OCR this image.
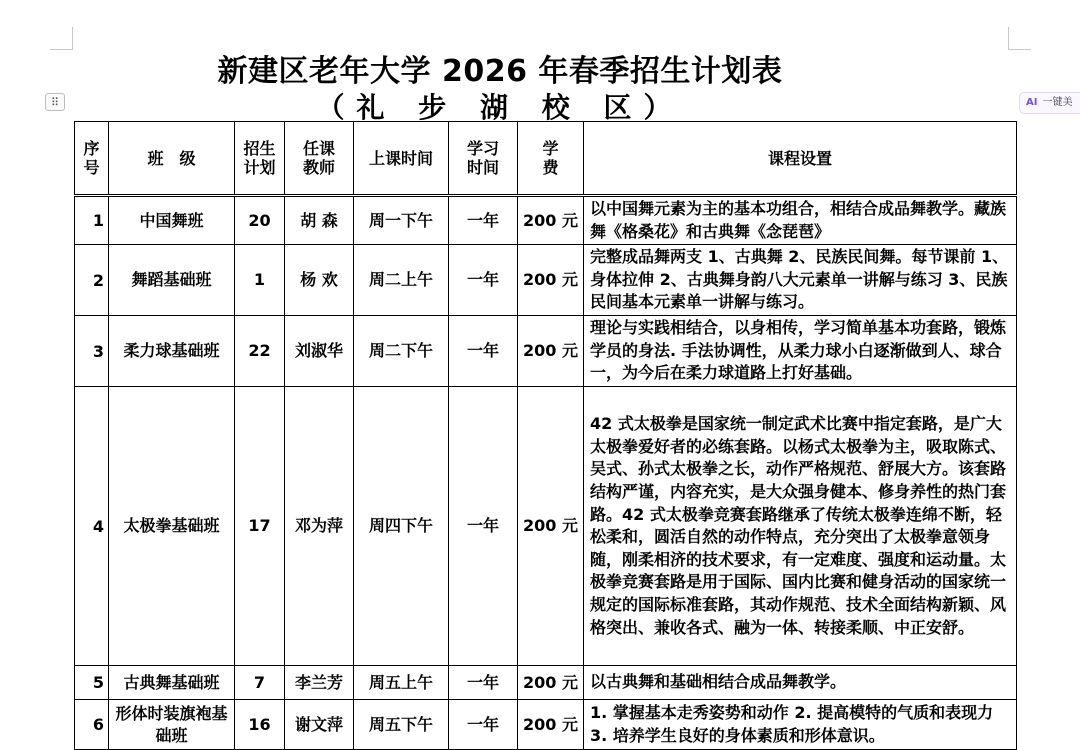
⠿	AI 一键美
新建区老年大学 2026 年春季招生计划表
（礼 步 湖 校 区）
序号	班　级	招生计划	任课教师	上课时间	学习时间	学费	课程设置
1	中国舞班	20	胡 森	周一下午	一年	200 元	以中国舞元素为主的基本功组合，相结合成品舞教学。藏族舞《格桑花》和古典舞《念琵琶》
2	舞蹈基础班	1	杨 欢	周二上午	一年	200 元	完整成品舞两支 1、古典舞 2、民族民间舞。每节课前 1、身体拉伸 2、古典舞身韵八大元素单一讲解与练习 3、民族民间基本元素单一讲解与练习。
3	柔力球基础班	22	刘淑华	周二下午	一年	200 元	理论与实践相结合，以身相传，学习简单基本功套路，锻炼学员的身法. 手法协调性，从柔力球小白逐渐做到人、球合一，为今后在柔力球道路上打好基础。
4	太极拳基础班	17	邓为萍	周四下午	一年	200 元	42 式太极拳是国家统一制定武术比赛中指定套路，是广大太极拳爱好者的必练套路。以杨式太极拳为主，吸取陈式、吴式、孙式太极拳之长，动作严格规范、舒展大方。该套路结构严谨，内容充实，是大众强身健本、修身养性的热门套路。42 式太极拳竞赛套路继承了传统太极拳连绵不断，轻松柔和，圆活自然的动作特点，充分突出了太极拳意领身随，刚柔相济的技术要求，有一定难度、强度和运动量。太极拳竞赛套路是用于国际、国内比赛和健身活动的国家统一规定的国际标准套路，其动作规范、技术全面结构新颖、风格突出、兼收各式、融为一体、转接柔顺、中正安舒。
5	古典舞基础班	7	李兰芳	周五上午	一年	200 元	以古典舞和基础相结合成品舞教学。
6	形体时装旗袍基础班	16	谢文萍	周五下午	一年	200 元	1. 掌握基本走秀姿势和动作 2. 提高模特的气质和表现力 3. 培养学生良好的身体素质和形体意识。
